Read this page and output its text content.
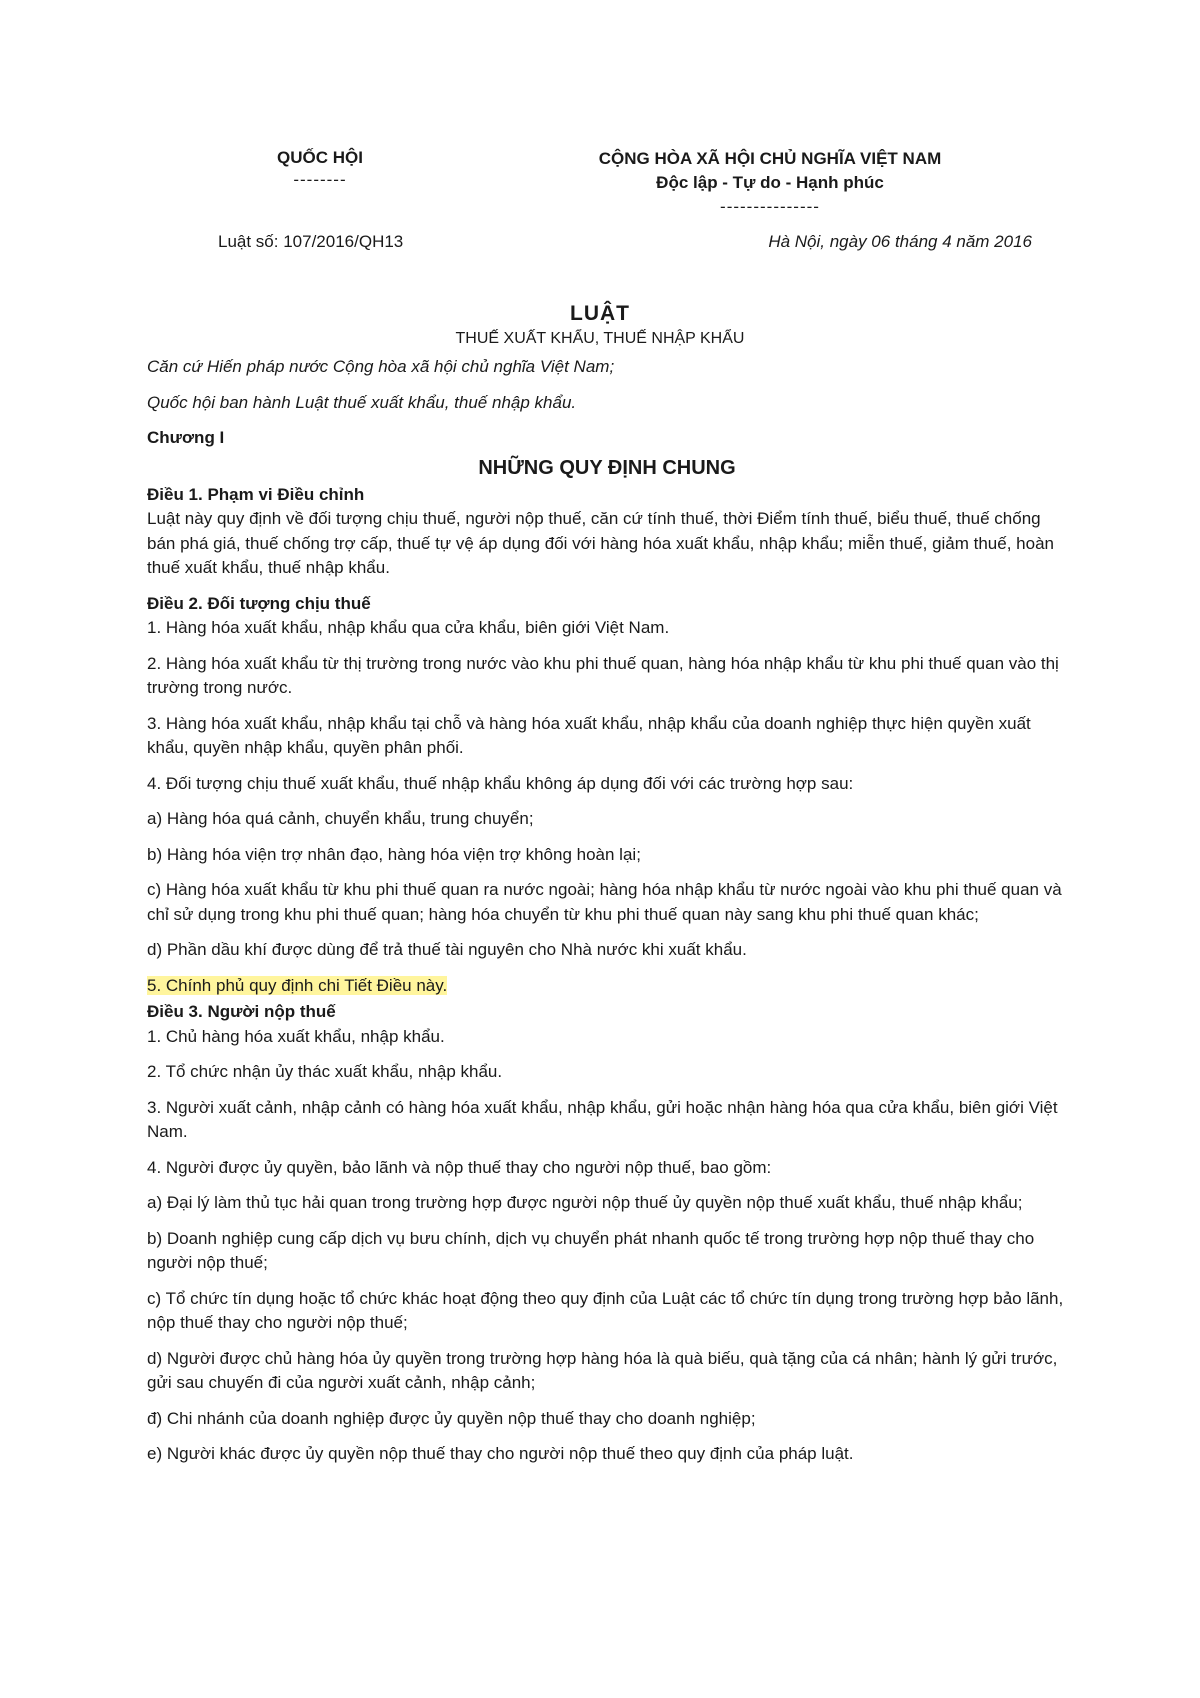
QUỐC HỘI
--------
CỘNG HÒA XÃ HỘI CHỦ NGHĨA VIỆT NAM
Độc lập - Tự do - Hạnh phúc
---------------
Luật số: 107/2016/QH13	Hà Nội, ngày 06 tháng 4 năm 2016
LUẬT
THUẾ XUẤT KHẨU, THUẾ NHẬP KHẨU

Căn cứ Hiến pháp nước Cộng hòa xã hội chủ nghĩa Việt Nam;

Quốc hội ban hành Luật thuế xuất khẩu, thuế nhập khẩu.

Chương I

NHỮNG QUY ĐỊNH CHUNG

Điều 1. Phạm vi Điều chỉnh

Luật này quy định về đối tượng chịu thuế, người nộp thuế, căn cứ tính thuế, thời Điểm tính thuế, biểu thuế, thuế chống bán phá giá, thuế chống trợ cấp, thuế tự vệ áp dụng đối với hàng hóa xuất khẩu, nhập khẩu; miễn thuế, giảm thuế, hoàn thuế xuất khẩu, thuế nhập khẩu.

Điều 2. Đối tượng chịu thuế

1. Hàng hóa xuất khẩu, nhập khẩu qua cửa khẩu, biên giới Việt Nam.

2. Hàng hóa xuất khẩu từ thị trường trong nước vào khu phi thuế quan, hàng hóa nhập khẩu từ khu phi thuế quan vào thị trường trong nước.

3. Hàng hóa xuất khẩu, nhập khẩu tại chỗ và hàng hóa xuất khẩu, nhập khẩu của doanh nghiệp thực hiện quyền xuất khẩu, quyền nhập khẩu, quyền phân phối.

4. Đối tượng chịu thuế xuất khẩu, thuế nhập khẩu không áp dụng đối với các trường hợp sau:

a) Hàng hóa quá cảnh, chuyển khẩu, trung chuyển;

b) Hàng hóa viện trợ nhân đạo, hàng hóa viện trợ không hoàn lại;

c) Hàng hóa xuất khẩu từ khu phi thuế quan ra nước ngoài; hàng hóa nhập khẩu từ nước ngoài vào khu phi thuế quan và chỉ sử dụng trong khu phi thuế quan; hàng hóa chuyển từ khu phi thuế quan này sang khu phi thuế quan khác;

d) Phần dầu khí được dùng để trả thuế tài nguyên cho Nhà nước khi xuất khẩu.

5. Chính phủ quy định chi Tiết Điều này.

Điều 3. Người nộp thuế

1. Chủ hàng hóa xuất khẩu, nhập khẩu.

2. Tổ chức nhận ủy thác xuất khẩu, nhập khẩu.

3. Người xuất cảnh, nhập cảnh có hàng hóa xuất khẩu, nhập khẩu, gửi hoặc nhận hàng hóa qua cửa khẩu, biên giới Việt Nam.

4. Người được ủy quyền, bảo lãnh và nộp thuế thay cho người nộp thuế, bao gồm:

a) Đại lý làm thủ tục hải quan trong trường hợp được người nộp thuế ủy quyền nộp thuế xuất khẩu, thuế nhập khẩu;

b) Doanh nghiệp cung cấp dịch vụ bưu chính, dịch vụ chuyển phát nhanh quốc tế trong trường hợp nộp thuế thay cho người nộp thuế;

c) Tổ chức tín dụng hoặc tổ chức khác hoạt động theo quy định của Luật các tổ chức tín dụng trong trường hợp bảo lãnh, nộp thuế thay cho người nộp thuế;

d) Người được chủ hàng hóa ủy quyền trong trường hợp hàng hóa là quà biếu, quà tặng của cá nhân; hành lý gửi trước, gửi sau chuyến đi của người xuất cảnh, nhập cảnh;

đ) Chi nhánh của doanh nghiệp được ủy quyền nộp thuế thay cho doanh nghiệp;

e) Người khác được ủy quyền nộp thuế thay cho người nộp thuế theo quy định của pháp luật.
